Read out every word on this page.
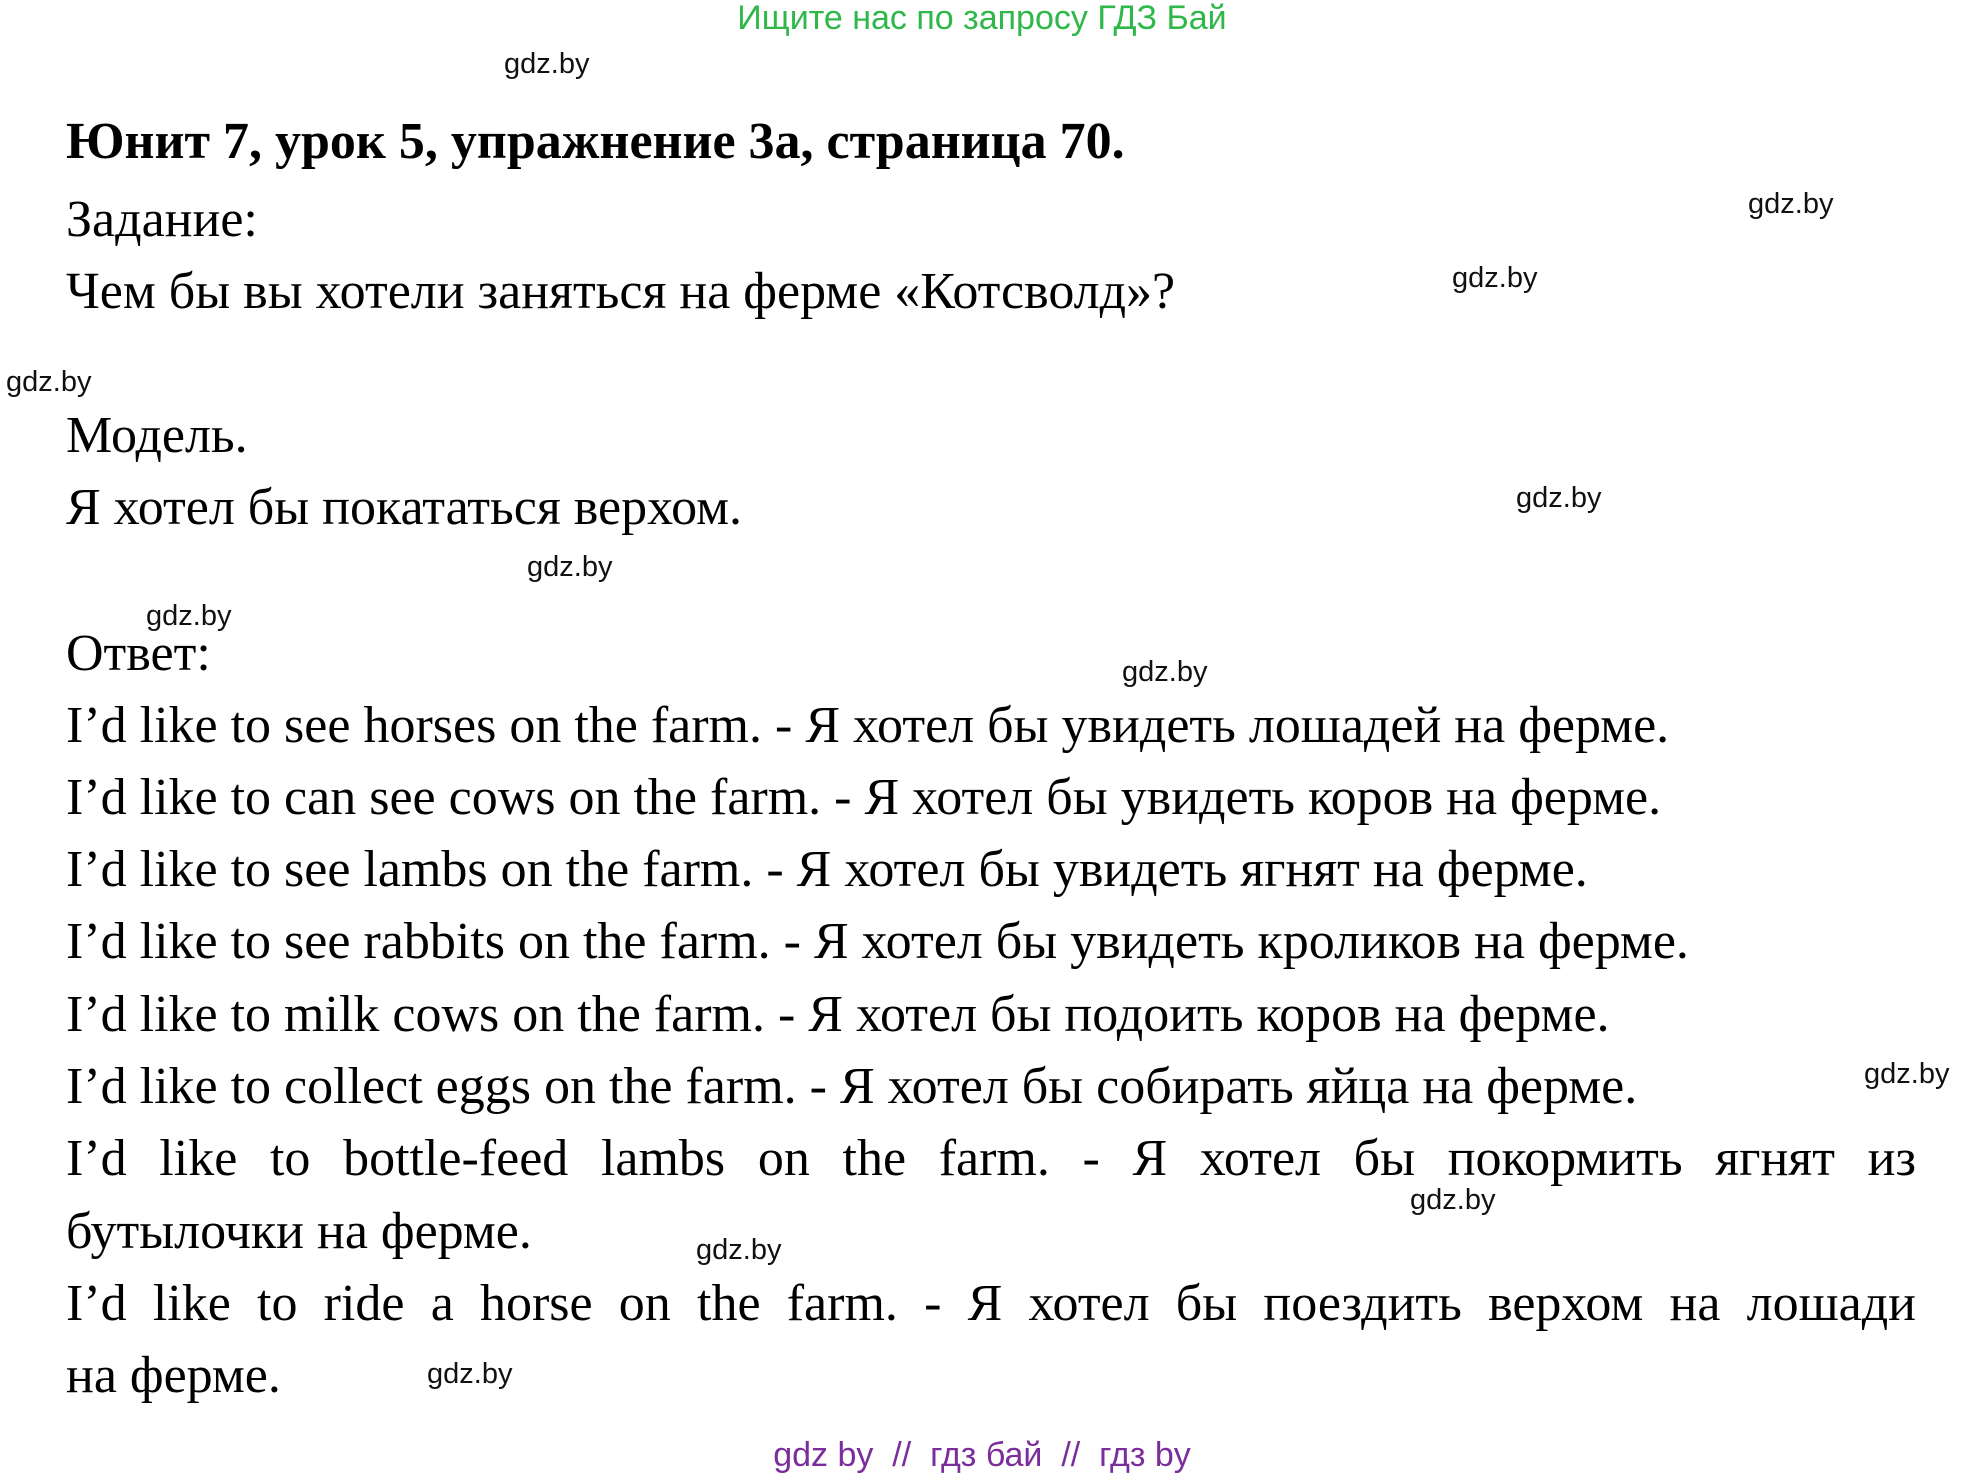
Ищите нас по запросу ГДЗ Бай
gdz.by
gdz.by
gdz.by
gdz.by
gdz.by
gdz.by
gdz.by
gdz.by
gdz.by
gdz.by
gdz.by
gdz.by
Юнит 7, урок 5, упражнение 3a, страница 70.
Задание:
Чем бы вы хотели заняться на ферме «Котсволд»?
Модель.
Я хотел бы покататься верхом.
Ответ:
I’d like to see horses on the farm. - Я хотел бы увидеть лошадей на ферме.
I’d like to can see cows on the farm. - Я хотел бы увидеть коров на ферме.
I’d like to see lambs on the farm. - Я хотел бы увидеть ягнят на ферме.
I’d like to see rabbits on the farm. - Я хотел бы увидеть кроликов на ферме.
I’d like to milk cows on the farm. - Я хотел бы подоить коров на ферме.
I’d like to collect eggs on the farm. - Я хотел бы собирать яйца на ферме.
I’d like to bottle-feed lambs on the farm. - Я хотел бы покормить ягнят из
бутылочки на ферме.
I’d like to ride a horse on the farm. - Я хотел бы поездить верхом на лошади
на ферме.
gdz by  //  гдз бай  //  гдз by
